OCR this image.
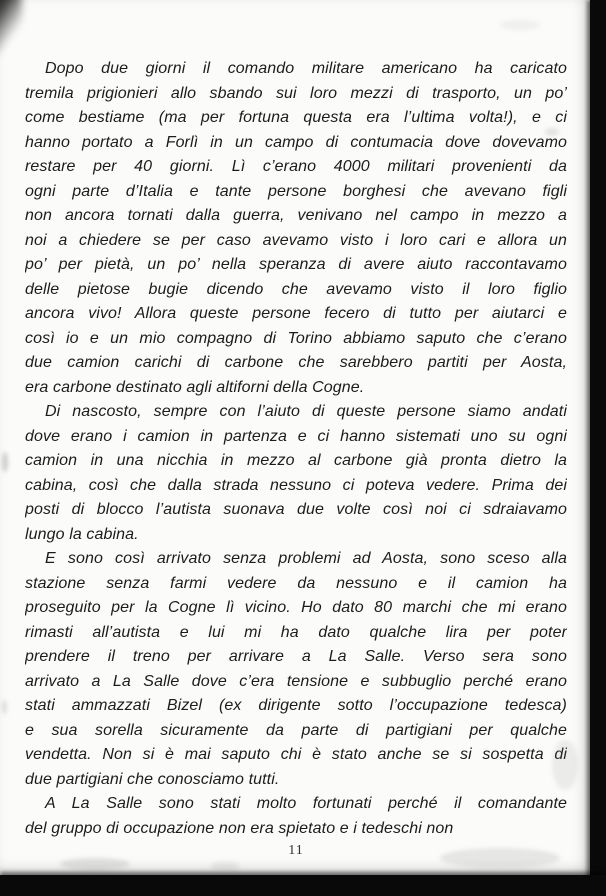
Dopo due giorni il comando militare americano ha caricato
tremila prigionieri allo sbando sui loro mezzi di trasporto, un po’
come bestiame (ma per fortuna questa era l’ultima volta!), e ci
hanno portato a Forlì in un campo di contumacia dove dovevamo
restare per 40 giorni. Lì c’erano 4000 militari provenienti da
ogni parte d’Italia e tante persone borghesi che avevano figli
non ancora tornati dalla guerra, venivano nel campo in mezzo a
noi a chiedere se per caso avevamo visto i loro cari e allora un
po’ per pietà, un po’ nella speranza di avere aiuto raccontavamo
delle pietose bugie dicendo che avevamo visto il loro figlio
ancora vivo! Allora queste persone fecero di tutto per aiutarci e
così io e un mio compagno di Torino abbiamo saputo che c’erano
due camion carichi di carbone che sarebbero partiti per Aosta,
era carbone destinato agli altiforni della Cogne.
Di nascosto, sempre con l’aiuto di queste persone siamo andati
dove erano i camion in partenza e ci hanno sistemati uno su ogni
camion in una nicchia in mezzo al carbone già pronta dietro la
cabina, così che dalla strada nessuno ci poteva vedere. Prima dei
posti di blocco l’autista suonava due volte così noi ci sdraiavamo
lungo la cabina.
E sono così arrivato senza problemi ad Aosta, sono sceso alla
stazione senza farmi vedere da nessuno e il camion ha
proseguito per la Cogne lì vicino. Ho dato 80 marchi che mi erano
rimasti all’autista e lui mi ha dato qualche lira per poter
prendere il treno per arrivare a La Salle. Verso sera sono
arrivato a La Salle dove c’era tensione e subbuglio perché erano
stati ammazzati Bizel (ex dirigente sotto l’occupazione tedesca)
e sua sorella sicuramente da parte di partigiani per qualche
vendetta. Non si è mai saputo chi è stato anche se si sospetta di
due partigiani che conosciamo tutti.
A La Salle sono stati molto fortunati perché il comandante
del gruppo di occupazione non era spietato e i tedeschi non
11
